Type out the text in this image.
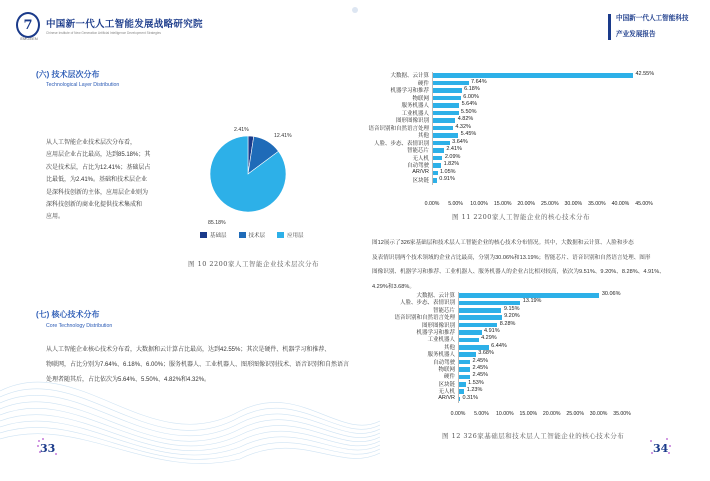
7 中国新一代人工智能发展战略研究院
Chinese Institute of New Generation Artificial Intelligence Development Strategies
EMGEEN
中国新一代人工智能科技
产业发展报告
(六) 技术层次分布
Technological Layer Distribution
从人工智能企业技术层次分布看，
应用层企业占比最高，达到85.18%；其
次是技术层，占比为12.41%；基础层占
比最低，为2.41%。基础和技术层企业
是深科技创新的主体，应用层企业则为
深科技创新的商业化提供技术集成和
应用。
2.41%
12.41%
85.18%
基础层	技术层	应用层
图 10 2200家人工智能企业技术层次分布
(七) 核心技术分布
Core Technology Distribution
从人工智能企业核心技术分布看，大数据和云计算占比最高，达到42.55%；其次是硬件、机器学习和推荐、
物联网，占比分别为7.64%、6.18%、6.00%；服务机器人、工业机器人、图形图像识别技术、语音识别和自然语言
处理者随其后，占比依次为5.64%、5.50%、4.82%和4.32%。
大数据、云计算	42.55%
硬件	7.64%
机器学习和推荐	6.18%
物联网	6.00%
服务机器人	5.64%
工业机器人	5.50%
图形图像识别	4.82%
语音识别和自然语言处理	4.32%
其他	5.45%
人脸、步态、表情识别	3.64%
智能芯片	2.41%
无人机	2.09%
自动驾驶	1.82%
AR/VR 1.05%
区块链 0.91%
0.00% 5.00% 10.00% 15.00% 20.00% 25.00% 30.00% 35.00% 40.00% 45.00%
图 11 2200家人工智能企业的核心技术分布
图12展示了326家基础层和技术层人工智能企业的核心技术分布情况。其中，大数据和云计算、人脸和步态
及表情识别两个技术领域的企业占比最高，分别为30.06%和13.19%；智能芯片、语音识别和自然语言处理、图形
图像识别、机器学习和推荐、工业机器人、服务机器人的企业占比相对较高，依次为9.51%、9.20%、8.28%、4.91%、
4.29%和3.68%。
大数据、云计算	30.06%
人脸、步态、表情识别	13.19%
智能芯片	9.15%
语音识别和自然语言处理	9.20%
图形图像识别	8.28%
机器学习和推荐	4.91%
工业机器人	4.29%
其他	6.44%
服务机器人	3.68%
自动驾驶	2.45%
物联网	2.45%
硬件	2.45%
区块链 1.53%
无人机 1.23%
AR/VR 0.31%
0.00% 5.00% 10.00% 15.00% 20.00% 25.00% 30.00% 35.00%
图 12 326家基础层和技术层人工智能企业的核心技术分布
33	34
